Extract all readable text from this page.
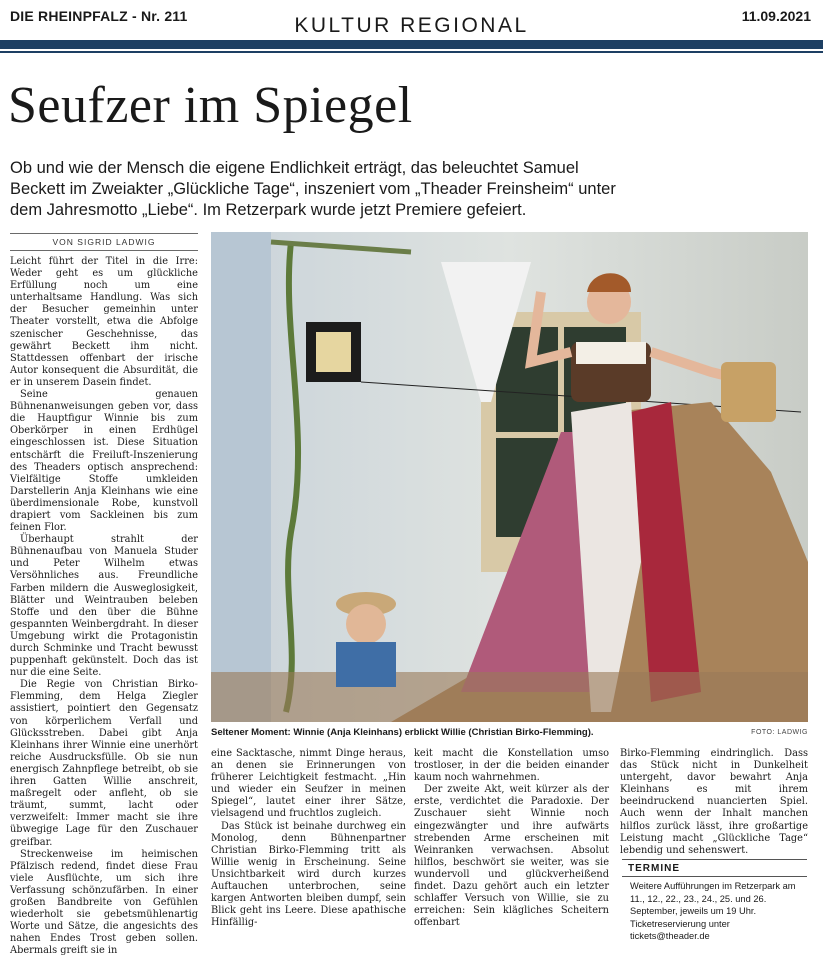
DIE RHEINPFALZ - Nr. 211	KULTUR REGIONAL	11.09.2021
Seufzer im Spiegel
Ob und wie der Mensch die eigene Endlichkeit erträgt, das beleuchtet Samuel Beckett im Zweiakter „Glückliche Tage“, inszeniert vom „Theader Freinsheim“ unter dem Jahresmotto „Liebe“. Im Retzerpark wurde jetzt Premiere gefeiert.
VON SIGRID LADWIG

Leicht führt der Titel in die Irre: Weder geht es um glückliche Erfüllung noch um eine unterhaltsame Handlung. Was sich der Besucher gemeinhin unter Theater vorstellt, etwa die Abfolge szenischer Geschehnisse, das gewährt Beckett ihm nicht. Stattdessen offenbart der irische Autor konsequent die Absurdität, die er in unserem Dasein findet.

Seine genauen Bühnenanweisungen geben vor, dass die Hauptfigur Winnie bis zum Oberkörper in einen Erdhügel eingeschlossen ist. Diese Situation entschärft die Freiluft-Inszenierung des Theaders optisch ansprechend: Vielfältige Stoffe umkleiden Darstellerin Anja Kleinhans wie eine überdimensionale Robe, kunstvoll drapiert vom Sackleinen bis zum feinen Flor.

Überhaupt strahlt der Bühnenaufbau von Manuela Studer und Peter Wilhelm etwas Versöhnliches aus. Freundliche Farben mildern die Ausweglosigkeit, Blätter und Weintrauben beleben Stoffe und den über die Bühne gespannten Weinbergdraht. In dieser Umgebung wirkt die Protagonistin durch Schminke und Tracht bewusst puppenhaft gekünstelt. Doch das ist nur die eine Seite.

Die Regie von Christian Birko-Flemming, dem Helga Ziegler assistiert, pointiert den Gegensatz von körperlichem Verfall und Glücksstreben. Dabei gibt Anja Kleinhans ihrer Winnie eine unerhört reiche Ausdrucksfülle. Ob sie nun energisch Zahnpflege betreibt, ob sie ihren Gatten Willie anschreit, maßregelt oder anfleht, ob sie träumt, summt, lacht oder verzweifelt: Immer macht sie ihre übwegige Lage für den Zuschauer greifbar.

Streckenweise im heimischen Pfälzisch redend, findet diese Frau viele Ausflüchte, um sich ihre Verfassung schönzufärben. In einer großen Bandbreite von Gefühlen wiederholt sie gebetsmühlenartig Worte und Sätze, die angesichts des nahen Endes Trost geben sollen. Abermals greift sie in

Seltener Moment: Winnie (Anja Kleinhans) erblickt Willie (Christian Birko-Flemming).	FOTO: LADWIG

eine Sacktasche, nimmt Dinge heraus, an denen sie Erinnerungen von früherer Leichtigkeit festmacht. „Hin und wieder ein Seufzer in meinen Spiegel“, lautet einer ihrer Sätze, vielsagend und fruchtlos zugleich.

Das Stück ist beinahe durchweg ein Monolog, denn Bühnenpartner Christian Birko-Flemming tritt als Willie wenig in Erscheinung. Seine Unsichtbarkeit wird durch kurzes Auftauchen unterbrochen, seine kargen Antworten bleiben dumpf, sein Blick geht ins Leere. Diese apathische Hinfällig-

keit macht die Konstellation umso trostloser, in der die beiden einander kaum noch wahrnehmen.

Der zweite Akt, weit kürzer als der erste, verdichtet die Paradoxie. Der Zuschauer sieht Winnie noch eingezwängter und ihre aufwärts strebenden Arme erscheinen mit Weinranken verwachsen. Absolut hilflos, beschwört sie weiter, was sie wundervoll und glückverheißend findet. Dazu gehört auch ein letzter schlaffer Versuch von Willie, sie zu erreichen: Sein klägliches Scheitern offenbart

Birko-Flemming eindringlich. Dass das Stück nicht in Dunkelheit untergeht, davor bewahrt Anja Kleinhans es mit ihrem beeindruckend nuancierten Spiel. Auch wenn der Inhalt manchen hilflos zurück lässt, ihre großartige Leistung macht „Glückliche Tage“ lebendig und sehenswert.

TERMINE
Weitere Aufführungen im Retzerpark am 11., 12., 22., 23., 24., 25. und 26. September, jeweils um 19 Uhr. Ticketreservierung unter tickets@theader.de
